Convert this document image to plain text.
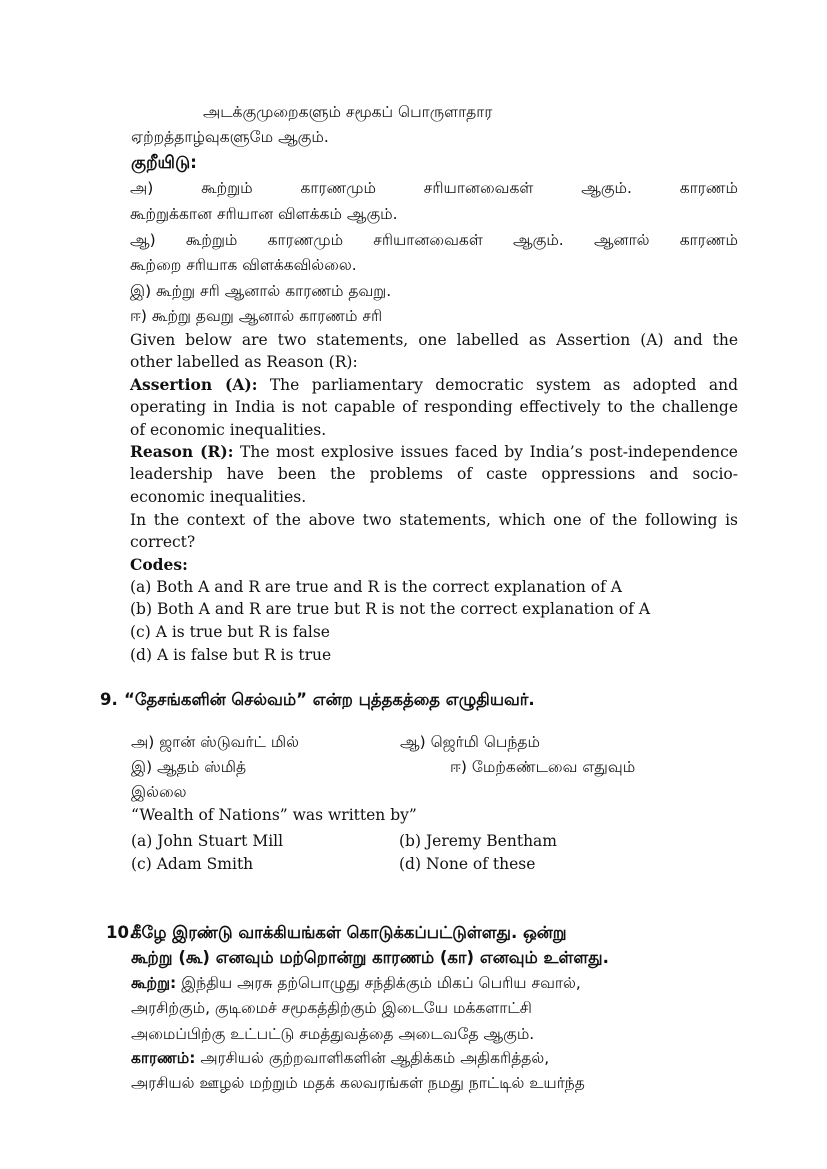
அடக்குமுறைகளும் சமூகப் பொருளாதார
ஏற்றத்தாழ்வுகளுமே ஆகும்.
குறீயிடு:
அ) கூற்றும் காரணமும் சரியானவைகள் ஆகும். காரணம்
கூற்றுக்கான சரியான விளக்கம் ஆகும்.
ஆ) கூற்றும் காரணமும் சரியானவைகள் ஆகும். ஆனால் காரணம்
கூற்றை சரியாக விளக்கவில்லை.
இ) கூற்று சரி ஆனால் காரணம் தவறு.
ஈ) கூற்று தவறு ஆனால் காரணம் சரி
Given below are two statements, one labelled as Assertion (A) and the
other labelled as Reason (R):
Assertion (A): The parliamentary democratic system as adopted and
operating in India is not capable of responding effectively to the challenge
of economic inequalities.
Reason (R): The most explosive issues faced by India’s post-independence
leadership have been the problems of caste oppressions and socio-
economic inequalities.
In the context of the above two statements, which one of the following is
correct?
Codes:
(a) Both A and R are true and R is the correct explanation of A
(b) Both A and R are true but R is not the correct explanation of A
(c) A is true but R is false
(d) A is false but R is true
9. “தேசங்களின் செல்வம்” என்ற புத்தகத்தை எழுதியவர்.
அ) ஜான் ஸ்டுவர்ட் மில்	ஆ) ஜெர்மி பெந்தம்
இ) ஆதம் ஸ்மித்	ஈ) மேற்கண்டவை எதுவும்
இல்லை
“Wealth of Nations” was written by”
(a) John Stuart Mill	(b) Jeremy Bentham
(c) Adam Smith	(d) None of these
10.
கீழே இரண்டு வாக்கியங்கள் கொடுக்கப்பட்டுள்ளது. ஒன்று
கூற்று (கூ) எனவும் மற்றொன்று காரணம் (கா) எனவும் உள்ளது.
கூற்று: இந்திய அரசு தற்பொழுது சந்திக்கும் மிகப் பெரிய சவால்,
அரசிற்கும், குடிமைச் சமூகத்திற்கும் இடையே மக்களாட்சி
அமைப்பிற்கு உட்பட்டு சமத்துவத்தை அடைவதே ஆகும்.
காரணம்: அரசியல் குற்றவாளிகளின் ஆதிக்கம் அதிகரித்தல்,
அரசியல் ஊழல் மற்றும் மதக் கலவரங்கள் நமது நாட்டில் உயர்ந்த
